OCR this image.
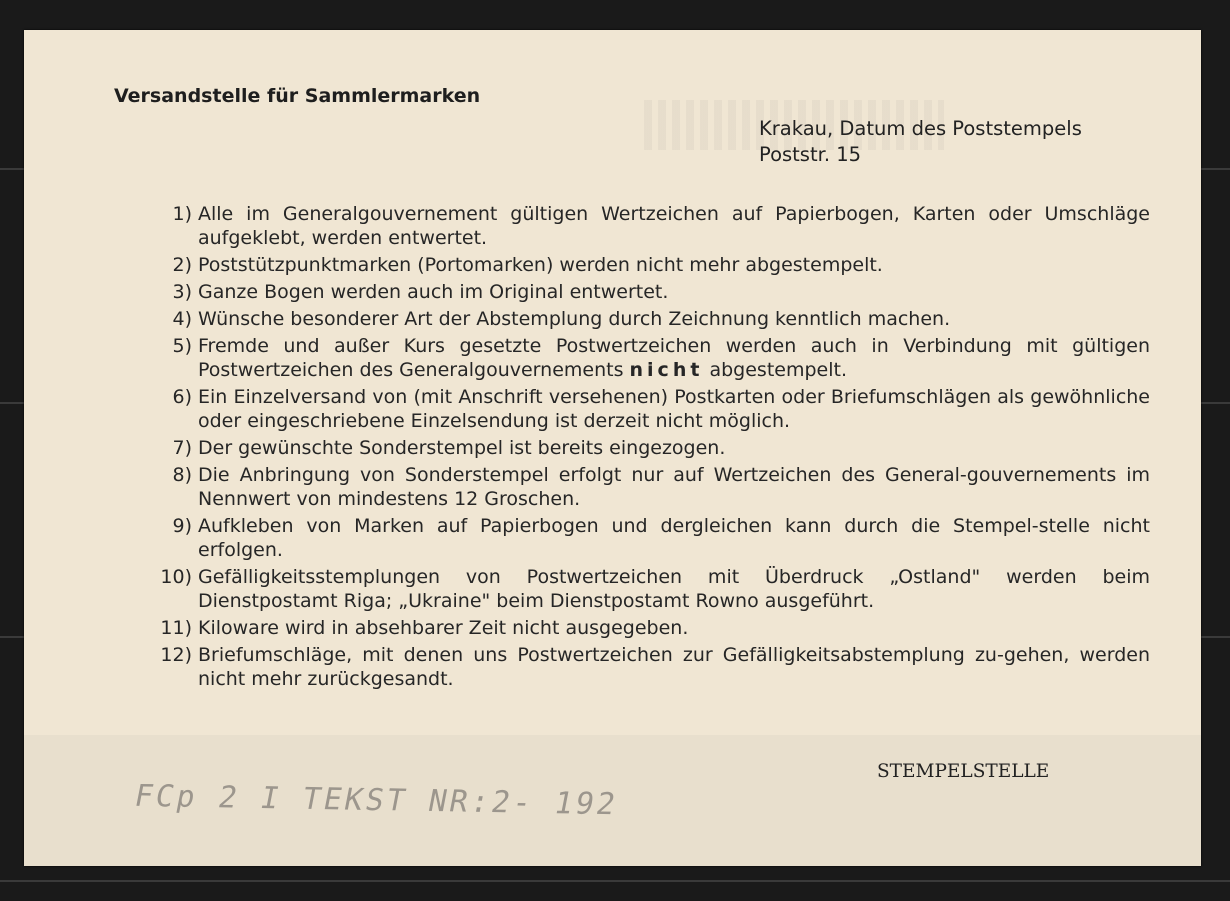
Versandstelle für Sammlermarken
Krakau, Datum des Poststempels
Poststr. 15
1) Alle im Generalgouvernement gültigen Wertzeichen auf Papierbogen, Karten oder Umschläge aufgeklebt, werden entwertet.
2) Poststützpunktmarken (Portomarken) werden nicht mehr abgestempelt.
3) Ganze Bogen werden auch im Original entwertet.
4) Wünsche besonderer Art der Abstemplung durch Zeichnung kenntlich machen.
5) Fremde und außer Kurs gesetzte Postwertzeichen werden auch in Verbindung mit gültigen Postwertzeichen des Generalgouvernements nicht abgestempelt.
6) Ein Einzelversand von (mit Anschrift versehenen) Postkarten oder Briefumschlägen als gewöhnliche oder eingeschriebene Einzelsendung ist derzeit nicht möglich.
7) Der gewünschte Sonderstempel ist bereits eingezogen.
8) Die Anbringung von Sonderstempel erfolgt nur auf Wertzeichen des General-gouvernements im Nennwert von mindestens 12 Groschen.
9) Aufkleben von Marken auf Papierbogen und dergleichen kann durch die Stempel-stelle nicht erfolgen.
10) Gefälligkeitsstemplungen von Postwertzeichen mit Überdruck „Ostland" werden beim Dienstpostamt Riga; „Ukraine" beim Dienstpostamt Rowno ausgeführt.
11) Kiloware wird in absehbarer Zeit nicht ausgegeben.
12) Briefumschläge, mit denen uns Postwertzeichen zur Gefälligkeitsabstemplung zu-gehen, werden nicht mehr zurückgesandt.
STEMPELSTELLE
FCp 2 I TEKST NR:2- 192
